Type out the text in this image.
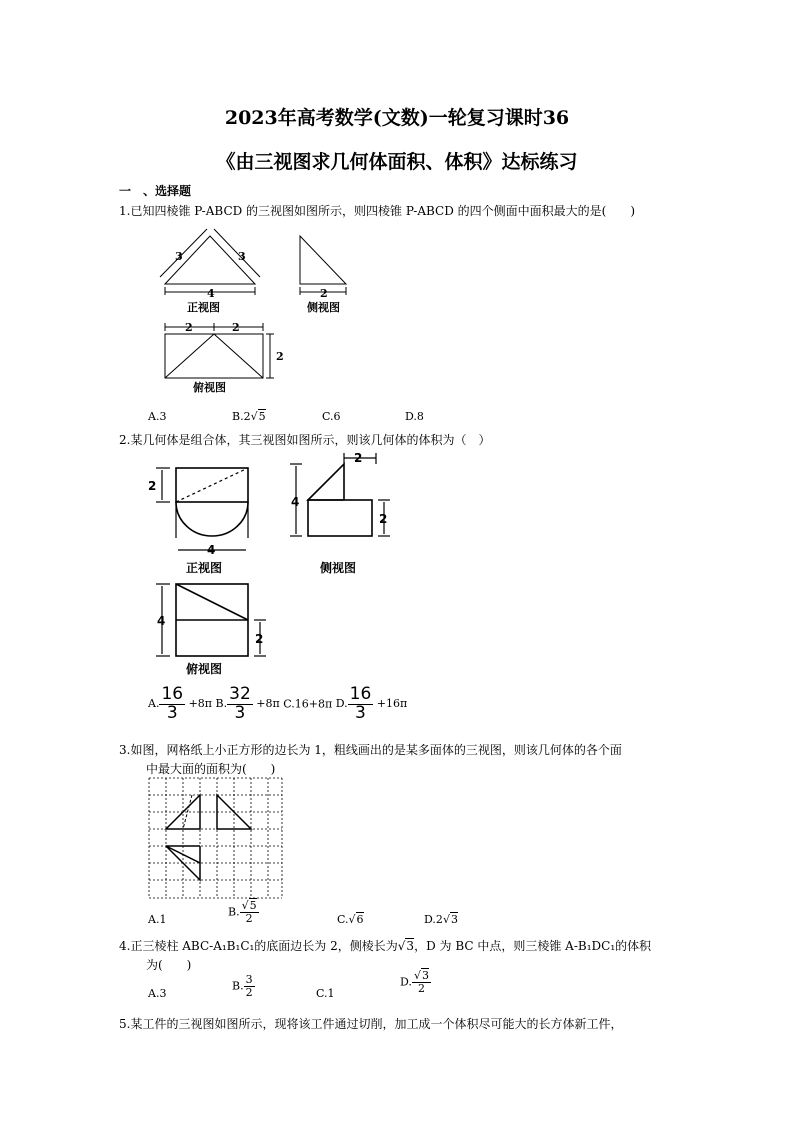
2023年高考数学(文数)一轮复习课时36
《由三视图求几何体面积、体积》达标练习
一　、选择题
1.已知四棱锥 P-ABCD 的三视图如图所示，则四棱锥 P-ABCD 的四个侧面中面积最大的是(　　)
3	3
4
正视图
2
侧视图
2	2
2
俯视图
A.3	B.2√5	C.6	D.8
2.某几何体是组合体，其三视图如图所示，则该几何体的体积为（　）
2
4
正视图
2
4
2
侧视图
4
2
俯视图
A. $\frac{16}{3} +8\pi$ B. $\frac{32}{3} +8\pi$ C.16+8π D. $\frac{16}{3} +16\pi$
3.如图，网格纸上小正方形的边长为 1，粗线画出的是某多面体的三视图，则该几何体的各个面
中最大面的面积为(　　)
A.1
B. $\frac{√5}{2}$	C.√6	D.2√3
4.正三棱柱 ABC-A₁B₁C₁的底面边长为 2，侧棱长为√3，D 为 BC 中点，则三棱锥 A-B₁DC₁的体积
为(　　)
A.3
B. $\frac{3}{2}$	C.1
D. $\frac{√3}{2}$
5.某工件的三视图如图所示，现将该工件通过切削，加工成一个体积尽可能大的长方体新工件，
